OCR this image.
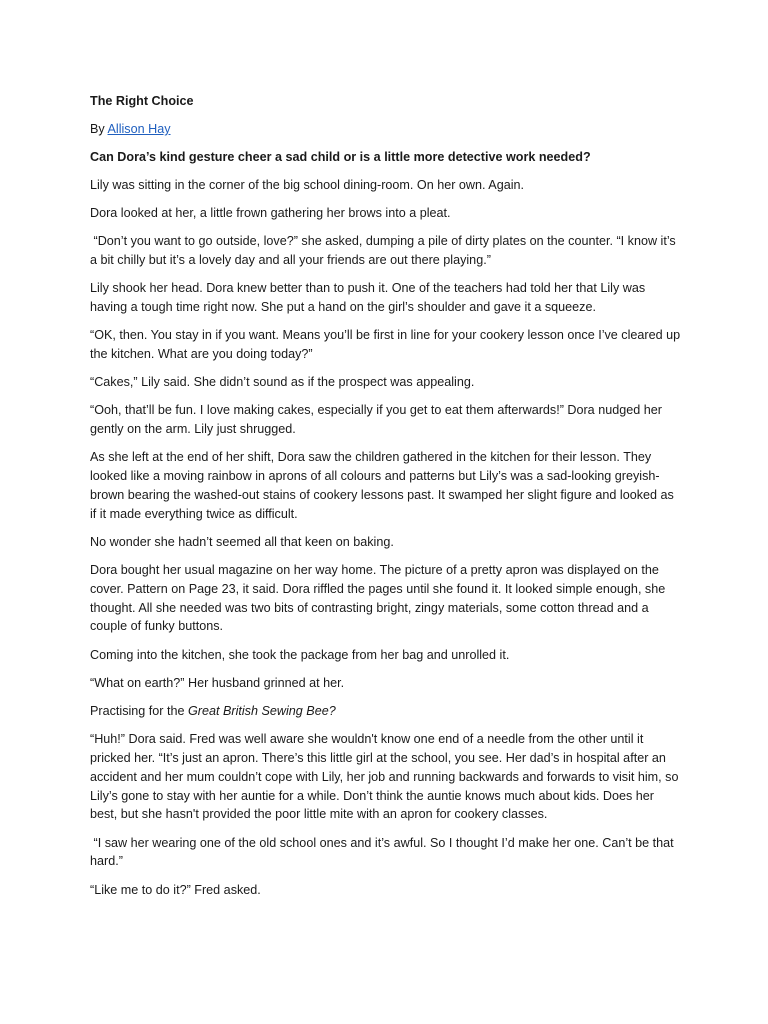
The Right Choice
By Allison Hay
Can Dora’s kind gesture cheer a sad child or is a little more detective work needed?
Lily was sitting in the corner of the big school dining-room. On her own. Again.
Dora looked at her, a little frown gathering her brows into a pleat.
“Don’t you want to go outside, love?” she asked, dumping a pile of dirty plates on the counter. “I know it’s a bit chilly but it’s a lovely day and all your friends are out there playing.”
Lily shook her head. Dora knew better than to push it. One of the teachers had told her that Lily was having a tough time right now. She put a hand on the girl’s shoulder and gave it a squeeze.
“OK, then. You stay in if you want. Means you’ll be first in line for your cookery lesson once I’ve cleared up the kitchen. What are you doing today?”
“Cakes,” Lily said. She didn’t sound as if the prospect was appealing.
“Ooh, that’ll be fun. I love making cakes, especially if you get to eat them afterwards!” Dora nudged her gently on the arm. Lily just shrugged.
As she left at the end of her shift, Dora saw the children gathered in the kitchen for their lesson. They looked like a moving rainbow in aprons of all colours and patterns but Lily’s was a sad-looking greyish-brown bearing the washed-out stains of cookery lessons past. It swamped her slight figure and looked as if it made everything twice as difficult.
No wonder she hadn’t seemed all that keen on baking.
Dora bought her usual magazine on her way home. The picture of a pretty apron was displayed on the cover. Pattern on Page 23, it said. Dora riffled the pages until she found it. It looked simple enough, she thought. All she needed was two bits of contrasting bright, zingy materials, some cotton thread and a couple of funky buttons.
Coming into the kitchen, she took the package from her bag and unrolled it.
“What on earth?” Her husband grinned at her.
Practising for the Great British Sewing Bee?
“Huh!” Dora said. Fred was well aware she wouldn't know one end of a needle from the other until it pricked her. “It’s just an apron. There’s this little girl at the school, you see. Her dad’s in hospital after an accident and her mum couldn’t cope with Lily, her job and running backwards and forwards to visit him, so Lily’s gone to stay with her auntie for a while. Don’t think the auntie knows much about kids. Does her best, but she hasn't provided the poor little mite with an apron for cookery classes.
“I saw her wearing one of the old school ones and it’s awful. So I thought I’d make her one. Can’t be that hard.”
“Like me to do it?” Fred asked.
